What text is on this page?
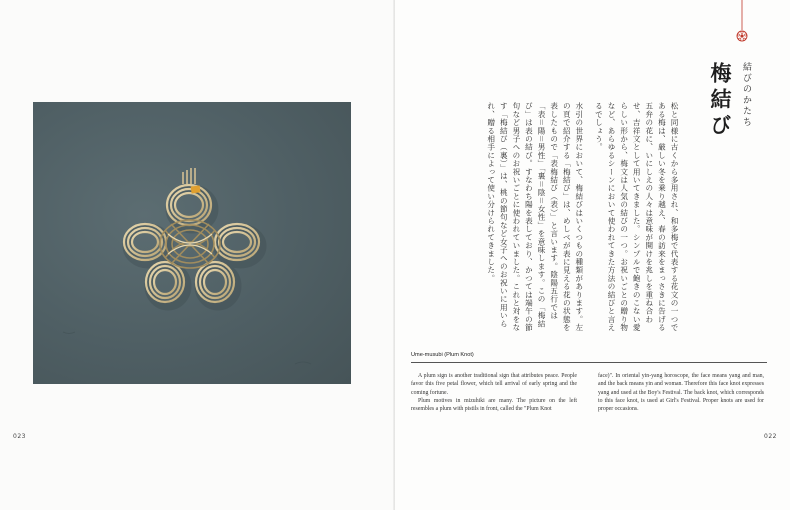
023
結びのかたち
梅結び

松と同様に古くから多用され、和多梅で代表する花文の一つである梅は、厳しい冬を乗り越え、春の訪来をまっさきに告げる五弁の花に、いにしえの人々は意味が開けを兆しを重ね合わせ、吉祥文として用いてきました。シンプルで飽きのこない愛らしい形から、梅文は人気の結びの一つ。お祝いごとの贈り物など、あらゆるシーンにおいて使われてきた方法の結びと言えるでしょう。

水引の世界において、梅結びはいくつもの種類があります。左の頁で紹介する「梅結び」は、めしべが表に見える花の状態を表したもので「表梅結び（表）」と言います。陰陽五行では「表＝陽＝男性」「裏＝陰＝女性」を意味します。この「梅結び」は表の結び。すなわち陽を表しており、かつては端午の節句など男子へのお祝いごとに使われていました。これと対をなす「梅結び（裏）」は、桃の節句など女子へのお祝いに用いられ、贈る相手によって使い分けられてきました。

Ume-musubi (Plum Knot)

A plum sign is another traditional sign that attributes peace. People favor this five petal flower, which tell arrival of early spring and the coming fortune.

Plum motives in mizuhiki are many. The picture on the left resembles a plum with pistils in front, called the "Plum Knot

face)". In oriental yin-yang horoscope, the face means yang and man, and the back means yin and woman. Therefore this face knot expresses yang and used at the Boy's Festival. The back knot, which corresponds to this face knot, is used at Girl's Festival. Proper knots are used for proper occasions.

022
